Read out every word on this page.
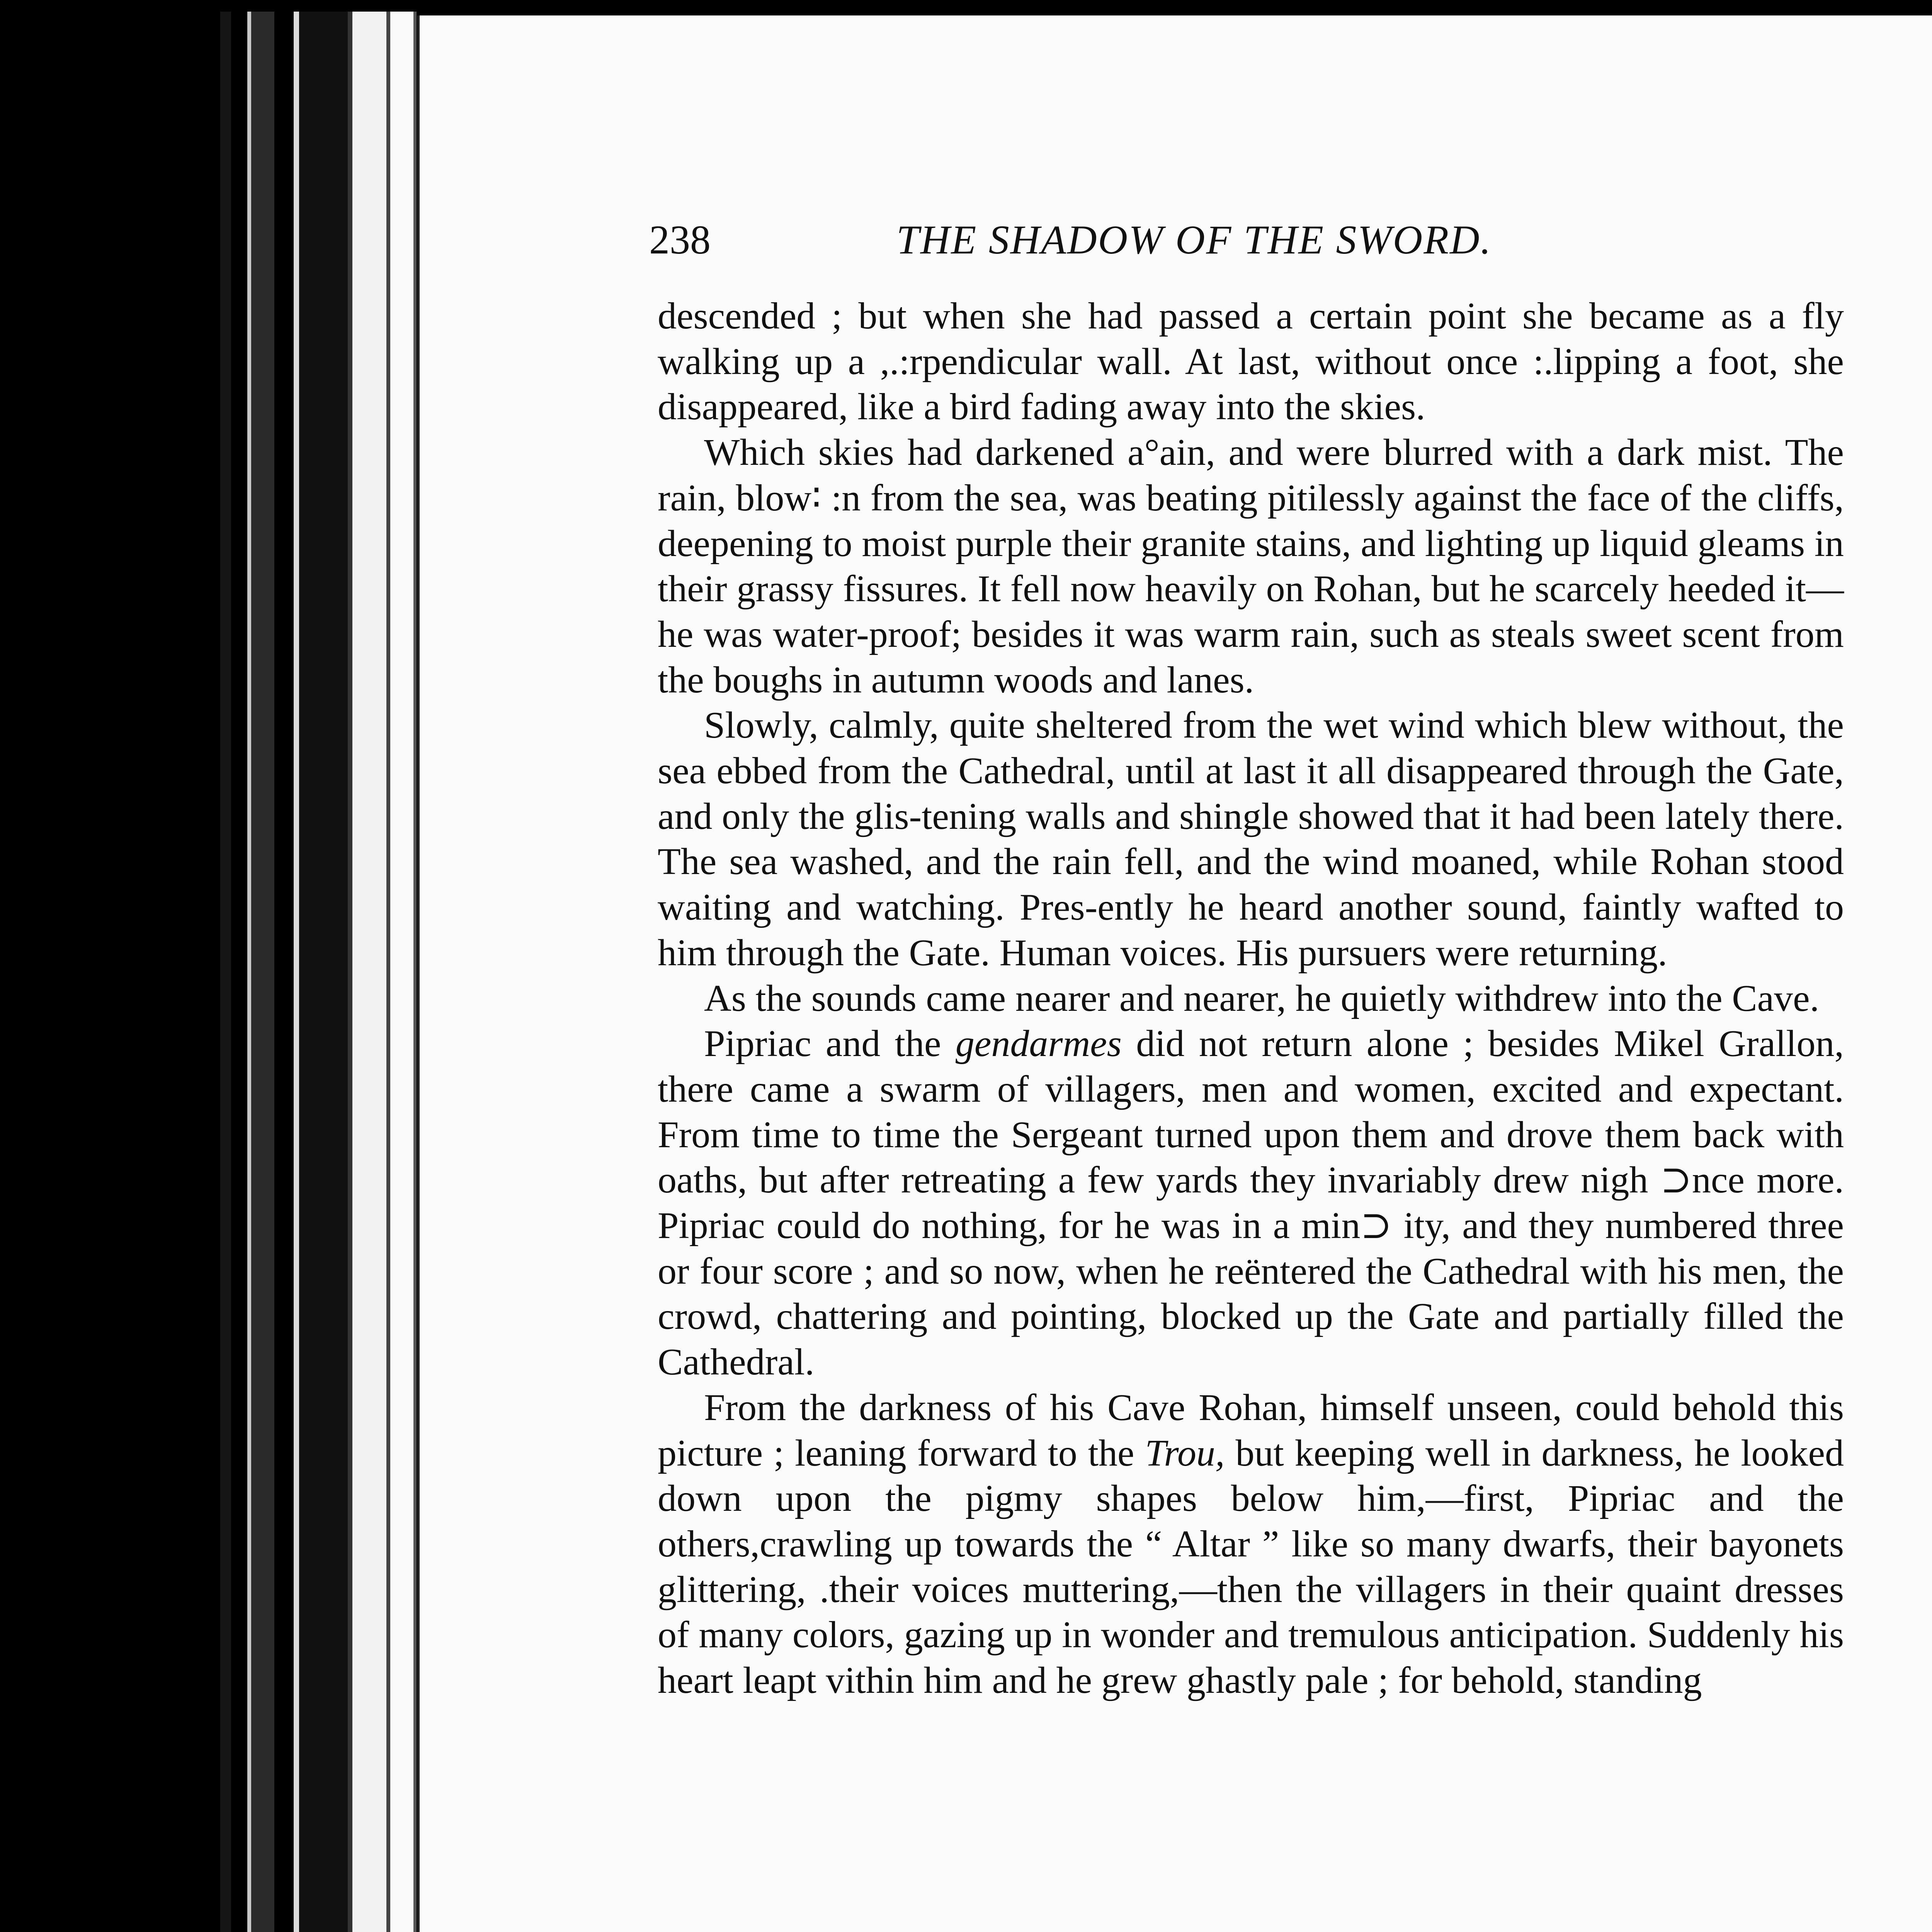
238	THE SHADOW OF THE SWORD.

descended ; but when she had passed a certain point she became as a fly walking up a ,.:rpendicular wall. At last, without once :.lipping a foot, she disappeared, like a bird fading away into the skies.

Which skies had darkened a°ain, and were blurred with a dark mist. The rain, blow∶ :n from the sea, was beating pitilessly against the face of the cliffs, deepening to moist purple their granite stains, and lighting up liquid gleams in their grassy fissures. It fell now heavily on Rohan, but he scarcely heeded it—he was water-proof; besides it was warm rain, such as steals sweet scent from the boughs in autumn woods and lanes.

Slowly, calmly, quite sheltered from the wet wind which blew without, the sea ebbed from the Cathedral, until at last it all disappeared through the Gate, and only the glis-tening walls and shingle showed that it had been lately there. The sea washed, and the rain fell, and the wind moaned, while Rohan stood waiting and watching. Pres-ently he heard another sound, faintly wafted to him through the Gate. Human voices. His pursuers were returning.

As the sounds came nearer and nearer, he quietly withdrew into the Cave.

Pipriac and the gendarmes did not return alone ; besides Mikel Grallon, there came a swarm of villagers, men and women, excited and expectant. From time to time the Sergeant turned upon them and drove them back with oaths, but after retreating a few yards they invariably drew nigh ⊃nce more. Pipriac could do nothing, for he was in a min⊃ ity, and they numbered three or four score ; and so now, when he reëntered the Cathedral with his men, the crowd, chattering and pointing, blocked up the Gate and partially filled the Cathedral.

From the darkness of his Cave Rohan, himself unseen, could behold this picture ; leaning forward to the Trou, but keeping well in darkness, he looked down upon the pigmy shapes below him,—first, Pipriac and the others,crawling up towards the “ Altar ” like so many dwarfs, their bayonets glittering, .their voices muttering,—then the villagers in their quaint dresses of many colors, gazing up in wonder and tremulous anticipation. Suddenly his heart leapt vithin him and he grew ghastly pale ; for behold, standing
